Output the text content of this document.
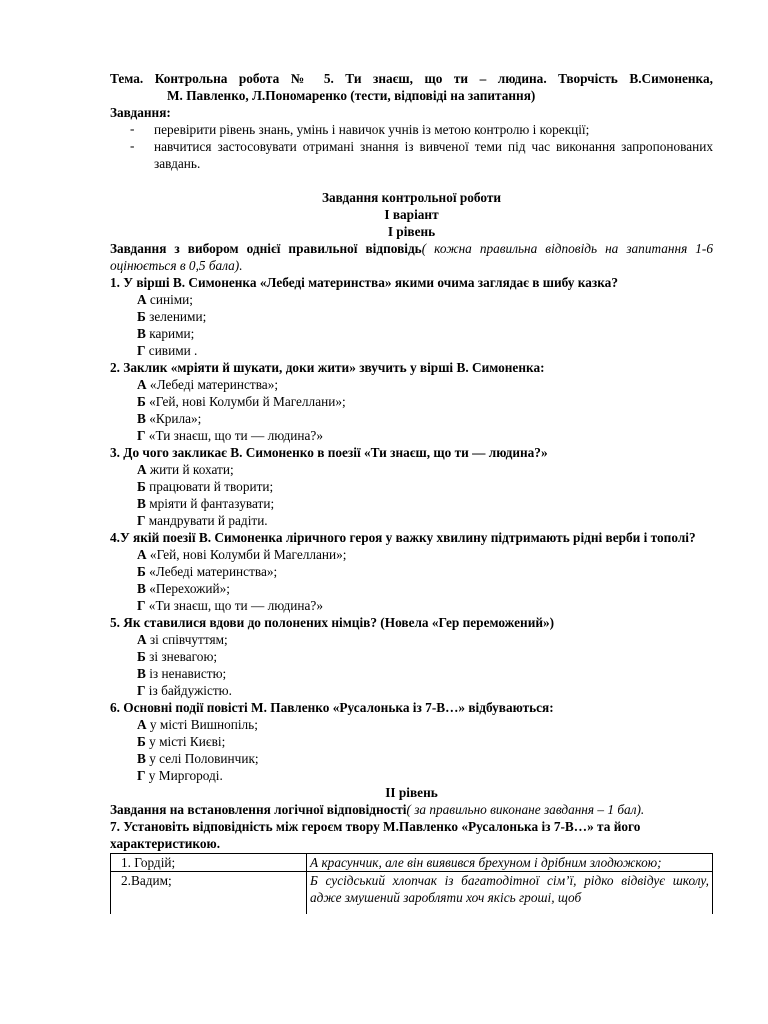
Тема. Контрольна робота № 5. Ти знаєш, що ти – людина. Творчість В.Симоненка,

М. Павленко, Л.Пономаренко (тести, відповіді на запитання)

Завдання:

-	перевірити рівень знань, умінь і навичок учнів із метою контролю і корекції;

-	навчитися застосовувати отримані знання із вивченої теми під час виконання запропонованих завдань.

Завдання контрольної роботи

І варіант

І рівень

Завдання з вибором однієї правильної відповідь( кожна правильна відповідь на запитання 1-6 оцінюється в 0,5 бала).

1. У вірші В. Симоненка «Лебеді материнства» якими очима заглядає в шибу казка?

А синіми;

Б зеленими;

В карими;

Г сивими .

2. Заклик «мріяти й шукати, доки жити» звучить у вірші В. Симоненка:

А «Лебеді материнства»;

Б «Гей, нові Колумби й Магеллани»;

В «Крила»;

Г «Ти знаєш, що ти — людина?»

3. До чого закликає В. Симоненко в поезії «Ти знаєш, що ти — людина?»

А жити й кохати;

Б працювати й творити;

В мріяти й фантазувати;

Г мандрувати й радіти.

4.У якій поезії В. Симоненка ліричного героя у важку хвилину підтримають рідні верби і тополі?

А «Гей, нові Колумби й Магеллани»;

Б «Лебеді материнства»;

В «Перехожий»;

Г «Ти знаєш, що ти — людина?»

5. Як ставилися вдови до полонених німців? (Новела «Гер переможений»)

А зі співчуттям;

Б зі зневагою;

В із ненавистю;

Г із байдужістю.

6. Основні події повісті М. Павленко «Русалонька із 7-В…» відбуваються:

А у місті Вишнопіль;

Б у місті Києві;

В у селі Половинчик;

Г у Миргороді.

ІІ рівень

Завдання на встановлення логічної відповідності( за правильно виконане завдання – 1 бал).

7. Установіть відповідність між героєм твору М.Павленко «Русалонька із 7-В…» та його характеристикою.

1. Гордій;	А красунчик, але він виявився брехуном і дрібним злодюжкою;
2.Вадим;	Б сусідський хлопчак із багатодітної сім’ї, рідко відвідує школу, адже змушений заробляти хоч якісь гроші, щоб
